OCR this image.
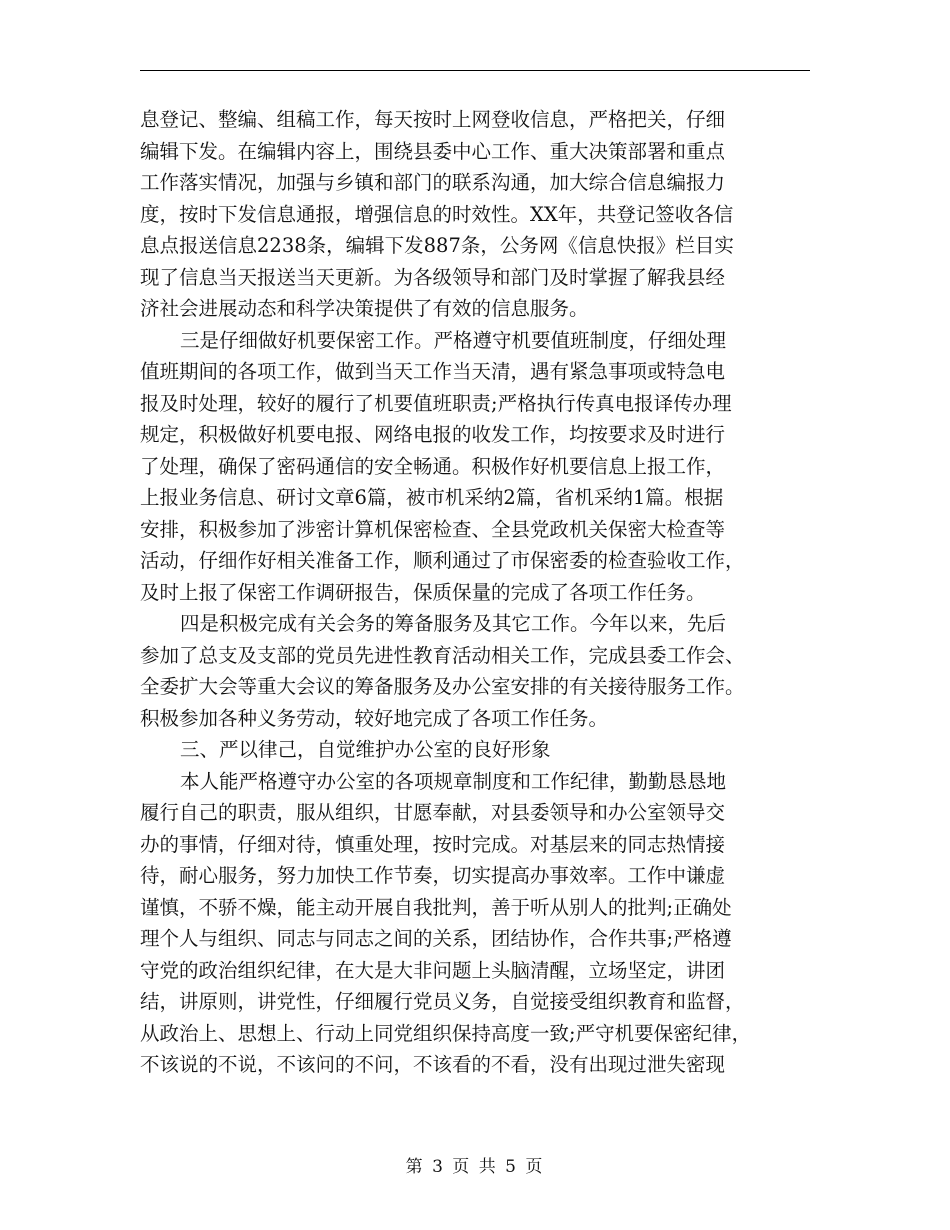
息登记、整编、组稿工作，每天按时上网登收信息，严格把关，仔细
编辑下发。在编辑内容上，围绕县委中心工作、重大决策部署和重点
工作落实情况，加强与乡镇和部门的联系沟通，加大综合信息编报力
度，按时下发信息通报，增强信息的时效性。XX年，共登记签收各信
息点报送信息2238条，编辑下发887条，公务网《信息快报》栏目实
现了信息当天报送当天更新。为各级领导和部门及时掌握了解我县经
济社会进展动态和科学决策提供了有效的信息服务。
三是仔细做好机要保密工作。严格遵守机要值班制度，仔细处理
值班期间的各项工作，做到当天工作当天清，遇有紧急事项或特急电
报及时处理，较好的履行了机要值班职责;严格执行传真电报译传办理
规定，积极做好机要电报、网络电报的收发工作，均按要求及时进行
了处理，确保了密码通信的安全畅通。积极作好机要信息上报工作，
上报业务信息、研讨文章6篇，被市机采纳2篇，省机采纳1篇。根据
安排，积极参加了涉密计算机保密检查、全县党政机关保密大检查等
活动，仔细作好相关准备工作，顺利通过了市保密委的检查验收工作，
及时上报了保密工作调研报告，保质保量的完成了各项工作任务。
四是积极完成有关会务的筹备服务及其它工作。今年以来，先后
参加了总支及支部的党员先进性教育活动相关工作，完成县委工作会、
全委扩大会等重大会议的筹备服务及办公室安排的有关接待服务工作。
积极参加各种义务劳动，较好地完成了各项工作任务。
三、严以律己，自觉维护办公室的良好形象
本人能严格遵守办公室的各项规章制度和工作纪律，勤勤恳恳地
履行自己的职责，服从组织，甘愿奉献，对县委领导和办公室领导交
办的事情，仔细对待，慎重处理，按时完成。对基层来的同志热情接
待，耐心服务，努力加快工作节奏，切实提高办事效率。工作中谦虚
谨慎，不骄不燥，能主动开展自我批判，善于听从别人的批判;正确处
理个人与组织、同志与同志之间的关系，团结协作，合作共事;严格遵
守党的政治组织纪律，在大是大非问题上头脑清醒，立场坚定，讲团
结，讲原则，讲党性，仔细履行党员义务，自觉接受组织教育和监督，
从政治上、思想上、行动上同党组织保持高度一致;严守机要保密纪律，
不该说的不说，不该问的不问，不该看的不看，没有出现过泄失密现
第 3 页 共 5 页
